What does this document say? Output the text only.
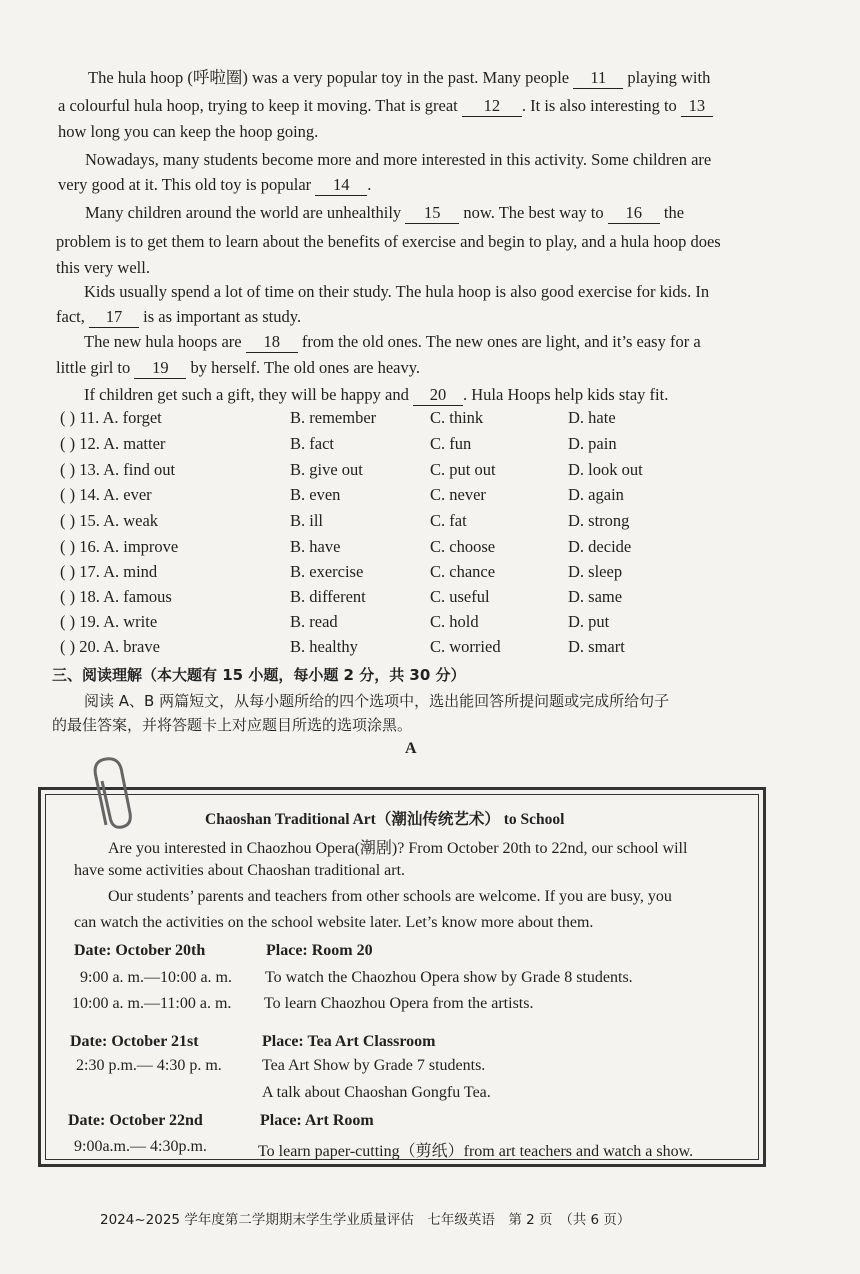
The hula hoop (呼啦圈) was a very popular toy in the past. Many people 11 playing with
a colourful hula hoop, trying to keep it moving. That is great 12 . It is also interesting to 13
how long you can keep the hoop going.
Nowadays, many students become more and more interested in this activity. Some children are
very good at it. This old toy is popular 14 .
Many children around the world are unhealthily 15 now. The best way to 16 the
problem is to get them to learn about the benefits of exercise and begin to play, and a hula hoop does
this very well.
Kids usually spend a lot of time on their study. The hula hoop is also good exercise for kids. In
fact, 17 is as important as study.
The new hula hoops are 18 from the old ones. The new ones are light, and it’s easy for a
little girl to 19 by herself. The old ones are heavy.
If children get such a gift, they will be happy and 20 . Hula Hoops help kids stay fit.
( ) 11. A. forget	B. remember	C. think	D. hate
( ) 12. A. matter	B. fact	C. fun	D. pain
( ) 13. A. find out	B. give out	C. put out	D. look out
( ) 14. A. ever	B. even	C. never	D. again
( ) 15. A. weak	B. ill	C. fat	D. strong
( ) 16. A. improve	B. have	C. choose	D. decide
( ) 17. A. mind	B. exercise	C. chance	D. sleep
( ) 18. A. famous	B. different	C. useful	D. same
( ) 19. A. write	B. read	C. hold	D. put
( ) 20. A. brave	B. healthy	C. worried	D. smart
三、阅读理解（本大题有 15 小题，每小题 2 分，共 30 分）
阅读 A、B 两篇短文，从每小题所给的四个选项中，选出能回答所提问题或完成所给句子
的最佳答案，并将答题卡上对应题目所选的选项涂黑。
A
Chaoshan Traditional Art（潮汕传统艺术） to School
Are you interested in Chaozhou Opera(潮剧)? From October 20th to 22nd, our school will
have some activities about Chaoshan traditional art.
Our students’ parents and teachers from other schools are welcome. If you are busy, you
can watch the activities on the school website later. Let’s know more about them.
Date: October 20th	Place: Room 20
9:00 a. m.—10:00 a. m. To watch the Chaozhou Opera show by Grade 8 students.
10:00 a. m.—11:00 a. m. To learn Chaozhou Opera from the artists.
Date: October 21st	Place: Tea Art Classroom
2:30 p.m.— 4:30 p. m.	Tea Art Show by Grade 7 students.
A talk about Chaoshan Gongfu Tea.
Date: October 22nd	Place: Art Room
9:00a.m.— 4:30p.m.	To learn paper-cutting（剪纸）from art teachers and watch a show.
2024~2025 学年度第二学期期末学生学业质量评估　七年级英语　第 2 页　（共 6 页）
